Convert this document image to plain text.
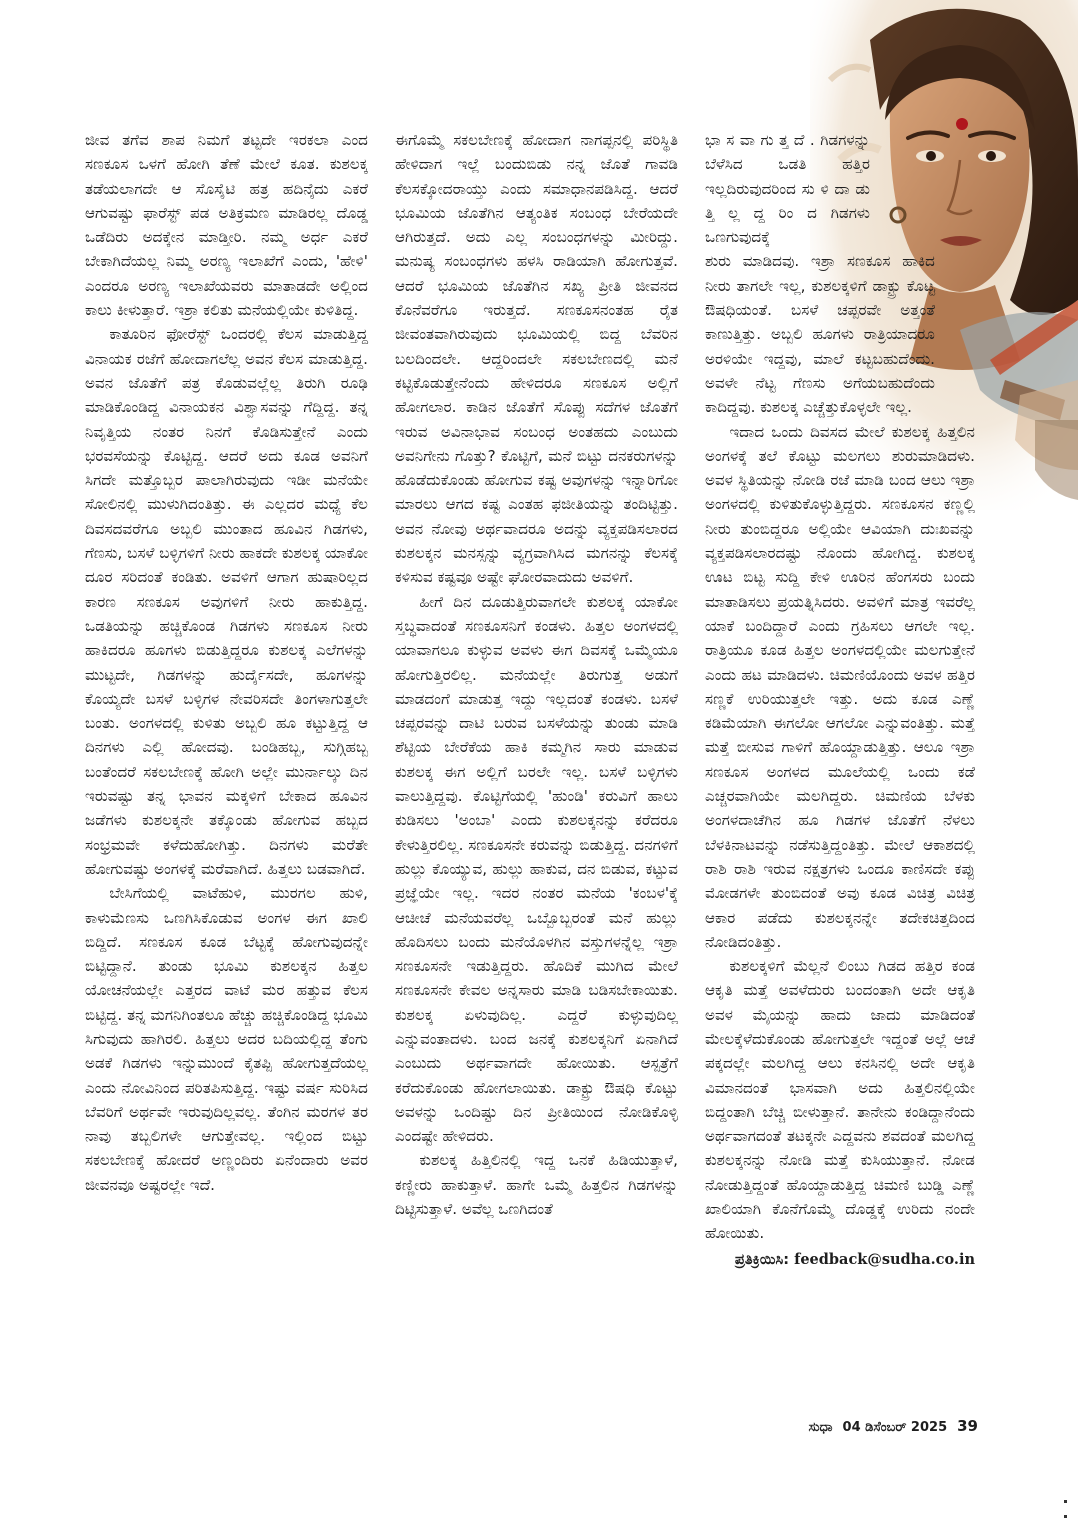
ಜೀವ ತಗೆವ ಶಾಪ ನಿಮಗೆ ತಟ್ಟದೇ ಇರಕಲಾ ಎಂದ ಸಣಕೂಸ ಒಳಗೆ ಹೋಗಿ ತೆಣೆ ಮೇಲೆ ಕೂತ. ಕುಶಲಕ್ಕ ತಡೆಯಲಾಗದೇ ಆ ಸೊಸೈಟಿ ಹತ್ರ ಹದಿನೈದು ಎಕರೆ ಆಗುವಷ್ಟು ಫಾರೆಸ್ಟ್ ಪಡ ಅತಿಕ್ರಮಣ ಮಾಡಿರಲ್ಲ ದೊಡ್ಡ ಒಡೆದಿರು ಅದಕ್ಕೇನ ಮಾಡ್ತೀರಿ. ನಮ್ಮ ಅರ್ಧ ಎಕರೆ ಬೇಕಾಗಿದೆಯಲ್ಲ ನಿಮ್ಮ ಅರಣ್ಯ ಇಲಾಖೆಗೆ ಎಂದು, 'ಹೇಳಿ' ಎಂದರೂ ಅರಣ್ಯ ಇಲಾಖೆಯವರು ಮಾತಾಡದೇ ಅಲ್ಲಿಂದ ಕಾಲು ಕೀಳುತ್ತಾರೆ. ಇಶ್ರಾ ಕಲಿತು ಮನೆಯಲ್ಲಿಯೇ ಕುಳಿತಿದ್ದ.

ಕಾತೂರಿನ ಫೋರೆಸ್ಟ್ ಒಂದರಲ್ಲಿ ಕೆಲಸ ಮಾಡುತ್ತಿದ್ದ ವಿನಾಯಕ ರಜೆಗೆ ಹೋದಾಗಲೆಲ್ಲ ಅವನ ಕೆಲಸ ಮಾಡುತ್ತಿದ್ದ. ಅವನ ಜೊತೆಗೆ ಪತ್ರ ಕೊಡುವಲ್ಲೆಲ್ಲ ತಿರುಗಿ ರೂಢಿ ಮಾಡಿಕೊಂಡಿದ್ದ ವಿನಾಯಕನ ವಿಶ್ವಾಸವನ್ನು ಗೆದ್ದಿದ್ದ. ತನ್ನ ನಿವೃತ್ತಿಯ ನಂತರ ನಿನಗೆ ಕೊಡಿಸುತ್ತೇನೆ ಎಂದು ಭರವಸೆಯನ್ನು ಕೊಟ್ಟಿದ್ದ. ಆದರೆ ಅದು ಕೂಡ ಅವನಿಗೆ ಸಿಗದೇ ಮತ್ತೊಬ್ಬರ ಪಾಲಾಗಿರುವುದು ಇಡೀ ಮನೆಯೇ ಸೋಲಿನಲ್ಲಿ ಮುಳುಗಿದಂತಿತ್ತು. ಈ ಎಲ್ಲದರ ಮಧ್ಯೆ ಕೆಲ ದಿವಸದವರೆಗೂ ಅಬ್ಬಲಿ ಮುಂತಾದ ಹೂವಿನ ಗಿಡಗಳು, ಗೆಣಸು, ಬಸಳೆ ಬಳ್ಳಿಗಳಿಗೆ ನೀರು ಹಾಕದೇ ಕುಶಲಕ್ಕ ಯಾಕೋ ದೂರ ಸರಿದಂತೆ ಕಂಡಿತು. ಅವಳಿಗೆ ಆಗಾಗ ಹುಷಾರಿಲ್ಲದ ಕಾರಣ ಸಣಕೂಸ ಅವುಗಳಿಗೆ ನೀರು ಹಾಕುತ್ತಿದ್ದ. ಒಡತಿಯನ್ನು ಹಚ್ಚಿಕೊಂಡ ಗಿಡಗಳು ಸಣಕೂಸ ನೀರು ಹಾಕಿದರೂ ಹೂಗಳು ಬಿಡುತ್ತಿದ್ದರೂ ಕುಶಲಕ್ಕ ಎಲೆಗಳನ್ನು ಮುಟ್ಟದೇ, ಗಿಡಗಳನ್ನು ಹುರ್ದೈಸದೇ, ಹೂಗಳನ್ನು ಕೊಯ್ಯದೇ ಬಸಳೆ ಬಳ್ಳಿಗಳ ನೇವರಿಸದೇ ತಿಂಗಳಾಗುತ್ತಲೇ ಬಂತು. ಅಂಗಳದಲ್ಲಿ ಕುಳಿತು ಅಬ್ಬಲಿ ಹೂ ಕಟ್ಟುತ್ತಿದ್ದ ಆ ದಿನಗಳು ಎಲ್ಲಿ ಹೋದವು. ಬಂಡಿಹಬ್ಬ, ಸುಗ್ಗಿಹಬ್ಬ ಬಂತೆಂದರೆ ಸಕಲಬೇಣಕ್ಕೆ ಹೋಗಿ ಅಲ್ಲೇ ಮುರ್ನಾಲ್ಕು ದಿನ ಇರುವಷ್ಟು ತನ್ನ ಭಾವನ ಮಕ್ಕಳಿಗೆ ಬೇಕಾದ ಹೂವಿನ ಜಡೆಗಳು ಕುಶಲಕ್ಕನೇ ತಕ್ಕೊಂಡು ಹೋಗುವ ಹಬ್ಬದ ಸಂಭ್ರಮವೇ ಕಳೆದುಹೋಗಿತ್ತು. ದಿನಗಳು ಮರೆತೇ ಹೋಗುವಷ್ಟು ಅಂಗಳಕ್ಕೆ ಮರೆವಾಗಿದೆ. ಹಿತ್ತಲು ಬಡವಾಗಿದೆ.

ಬೇಸಿಗೆಯಲ್ಲಿ ವಾಟೆಹುಳಿ, ಮುರಗಲ ಹುಳಿ, ಕಾಳುಮೆಣಸು ಒಣಗಿಸಿಕೊಡುವ ಅಂಗಳ ಈಗ ಖಾಲಿ ಬಿದ್ದಿದೆ. ಸಣಕೂಸ ಕೂಡ ಬೆಟ್ಟಕ್ಕೆ ಹೋಗುವುದನ್ನೇ ಬಿಟ್ಟಿದ್ದಾನೆ. ತುಂಡು ಭೂಮಿ ಕುಶಲಕ್ಕನ ಹಿತ್ತಲ ಯೋಚನೆಯಲ್ಲೇ ಎತ್ತರದ ವಾಟೆ ಮರ ಹತ್ತುವ ಕೆಲಸ ಬಿಟ್ಟಿದ್ದ. ತನ್ನ ಮಗನಿಗಿಂತಲೂ ಹೆಚ್ಚು ಹಚ್ಚಿಕೊಂಡಿದ್ದ ಭೂಮಿ ಸಿಗುವುದು ಹಾಗಿರಲಿ. ಹಿತ್ತಲು ಅದರ ಬದಿಯಲ್ಲಿದ್ದ ತೆಂಗು ಅಡಕೆ ಗಿಡಗಳು ಇನ್ನುಮುಂದೆ ಕೈತಪ್ಪಿ ಹೋಗುತ್ತದೆಯಲ್ಲ ಎಂದು ನೋವಿನಿಂದ ಪರಿತಪಿಸುತ್ತಿದ್ದ. ಇಷ್ಟು ವರ್ಷ ಸುರಿಸಿದ ಬೆವರಿಗೆ ಅರ್ಥವೇ ಇರುವುದಿಲ್ಲವಲ್ಲ. ತೆಂಗಿನ ಮರಗಳ ತರ ನಾವು ತಬ್ಬಲಿಗಳೇ ಆಗುತ್ತೇವಲ್ಲ. ಇಲ್ಲಿಂದ ಬಿಟ್ಟು ಸಕಲಬೇಣಕ್ಕೆ ಹೋದರೆ ಅಣ್ಣಂದಿರು ಏನೆಂದಾರು ಅವರ ಜೀವನವೂ ಅಷ್ಟರಲ್ಲೇ ಇದೆ.

ಈಗೊಮ್ಮೆ ಸಕಲಬೇಣಕ್ಕೆ ಹೋದಾಗ ನಾಗಪ್ಪನಲ್ಲಿ ಪರಿಸ್ಥಿತಿ ಹೇಳಿದಾಗ ಇಲ್ಲೆ ಬಂದುಬಿಡು ನನ್ನ ಜೊತೆ ಗಾವಡಿ ಕೆಲಸಕ್ಕೋದರಾಯ್ತು ಎಂದು ಸಮಾಧಾನಪಡಿಸಿದ್ದ. ಆದರೆ ಭೂಮಿಯ ಜೊತೆಗಿನ ಆತ್ಯಂತಿಕ ಸಂಬಂಧ ಬೇರೆಯದೇ ಆಗಿರುತ್ತದೆ. ಅದು ಎಲ್ಲ ಸಂಬಂಧಗಳನ್ನು ಮೀರಿದ್ದು. ಮನುಷ್ಯ ಸಂಬಂಧಗಳು ಹಳಸಿ ರಾಡಿಯಾಗಿ ಹೋಗುತ್ತವೆ. ಆದರೆ ಭೂಮಿಯ ಜೊತೆಗಿನ ಸಖ್ಯ ಪ್ರೀತಿ ಜೀವನದ ಕೊನೆವರೆಗೂ ಇರುತ್ತದೆ. ಸಣಕೂಸನಂತಹ ರೈತ ಜೀವಂತವಾಗಿರುವುದು ಭೂಮಿಯಲ್ಲಿ ಬಿದ್ದ ಬೆವರಿನ ಬಲದಿಂದಲೇ. ಆದ್ದರಿಂದಲೇ ಸಕಲಬೇಣದಲ್ಲಿ ಮನೆ ಕಟ್ಟಿಕೊಡುತ್ತೇನೆಂದು ಹೇಳಿದರೂ ಸಣಕೂಸ ಅಲ್ಲಿಗೆ ಹೋಗಲಾರ. ಕಾಡಿನ ಜೊತೆಗೆ ಸೊಪ್ಪು ಸದೆಗಳ ಜೊತೆಗೆ ಇರುವ ಅವಿನಾಭಾವ ಸಂಬಂಧ ಅಂತಹದು ಎಂಬುದು ಅವನಿಗೇನು ಗೊತ್ತು? ಕೊಟ್ಟಿಗೆ, ಮನೆ ಬಿಟ್ಟು ದನಕರುಗಳನ್ನು ಹೊಡೆದುಕೊಂಡು ಹೋಗುವ ಕಷ್ಟ ಅವುಗಳನ್ನು ಇನ್ನಾರಿಗೋ ಮಾರಲು ಆಗದ ಕಷ್ಟ ಎಂತಹ ಫಜೀತಿಯನ್ನು ತಂದಿಟ್ಟಿತ್ತು. ಅವನ ನೋವು ಅರ್ಥವಾದರೂ ಅದನ್ನು ವ್ಯಕ್ತಪಡಿಸಲಾರದ ಕುಶಲಕ್ಕನ ಮನಸ್ಸನ್ನು ವ್ಯಗ್ರವಾಗಿಸಿದ ಮಗನನ್ನು ಕೆಲಸಕ್ಕೆ ಕಳಿಸುವ ಕಷ್ಟವೂ ಅಷ್ಟೇ ಘೋರವಾದುದು ಅವಳಿಗೆ.

ಹೀಗೆ ದಿನ ದೂಡುತ್ತಿರುವಾಗಲೇ ಕುಶಲಕ್ಕ ಯಾಕೋ ಸ್ತಬ್ಧವಾದಂತೆ ಸಣಕೂಸನಿಗೆ ಕಂಡಳು. ಹಿತ್ತಲ ಅಂಗಳದಲ್ಲಿ ಯಾವಾಗಲೂ ಕುಳ್ಳುವ ಅವಳು ಈಗ ದಿವಸಕ್ಕೆ ಒಮ್ಮೆಯೂ ಹೋಗುತ್ತಿರಲಿಲ್ಲ. ಮನೆಯಲ್ಲೇ ತಿರುಗುತ್ತ ಅಡುಗೆ ಮಾಡದಂಗೆ ಮಾಡುತ್ತ ಇದ್ದು ಇಲ್ಲದಂತೆ ಕಂಡಳು. ಬಸಳೆ ಚಪ್ಪರವನ್ನು ದಾಟಿ ಬರುವ ಬಸಳೆಯನ್ನು ತುಂಡು ಮಾಡಿ ಶೆಟ್ಟಿಯ ಬೇರೆಕೆಯ ಹಾಕಿ ಕಮ್ಮಗಿನ ಸಾರು ಮಾಡುವ ಕುಶಲಕ್ಕ ಈಗ ಅಲ್ಲಿಗೆ ಬರಲೇ ಇಲ್ಲ. ಬಸಳೆ ಬಳ್ಳಿಗಳು ವಾಲುತ್ತಿದ್ದವು. ಕೊಟ್ಟಿಗೆಯಲ್ಲಿ 'ಹುಂಡಿ' ಕರುವಿಗೆ ಹಾಲು ಕುಡಿಸಲು 'ಅಂಬಾ' ಎಂದು ಕುಶಲಕ್ಕನನ್ನು ಕರೆದರೂ ಕೇಳುತ್ತಿರಲಿಲ್ಲ. ಸಣಕೂಸನೇ ಕರುವನ್ನು ಬಿಡುತ್ತಿದ್ದ. ದನಗಳಿಗೆ ಹುಲ್ಲು ಕೊಯ್ಯುವ, ಹುಲ್ಲು ಹಾಕುವ, ದನ ಬಿಡುವ, ಕಟ್ಟುವ ಪ್ರಜ್ಞೆಯೇ ಇಲ್ಲ. ಇದರ ನಂತರ ಮನೆಯ 'ಕಂಬಳ'ಕ್ಕೆ ಆಚೀಚೆ ಮನೆಯವರೆಲ್ಲ ಒಬ್ಬೊಬ್ಬರಂತೆ ಮನೆ ಹುಲ್ಲು ಹೊದಿಸಲು ಬಂದು ಮನೆಯೊಳಗಿನ ವಸ್ತುಗಳನ್ನೆಲ್ಲ ಇಶ್ರಾ ಸಣಕೂಸನೇ ಇಡುತ್ತಿದ್ದರು. ಹೊದಿಕೆ ಮುಗಿದ ಮೇಲೆ ಸಣಕೂಸನೇ ಕೇವಲ ಅನ್ನಸಾರು ಮಾಡಿ ಬಡಿಸಬೇಕಾಯಿತು. ಕುಶಲಕ್ಕ ಏಳುವುದಿಲ್ಲ. ಎದ್ದರೆ ಕುಳ್ಳುವುದಿಲ್ಲ ಎನ್ನುವಂತಾದಳು. ಬಂದ ಜನಕ್ಕೆ ಕುಶಲಕ್ಕನಿಗೆ ಏನಾಗಿದೆ ಎಂಬುದು ಅರ್ಥವಾಗದೇ ಹೋಯಿತು. ಆಸ್ಪತ್ರೆಗೆ ಕರೆದುಕೊಂಡು ಹೋಗಲಾಯಿತು. ಡಾಕ್ಟ್ರು ಔಷಧಿ ಕೊಟ್ಟು ಅವಳನ್ನು ಒಂದಿಷ್ಟು ದಿನ ಪ್ರೀತಿಯಿಂದ ನೋಡಿಕೊಳ್ಳಿ ಎಂದಷ್ಟೇ ಹೇಳಿದರು.

ಕುಶಲಕ್ಕ ಹಿತ್ತಿಲಿನಲ್ಲಿ ಇದ್ದ ಒನಕೆ ಹಿಡಿಯುತ್ತಾಳೆ, ಕಣ್ಣೀರು ಹಾಕುತ್ತಾಳೆ. ಹಾಗೇ ಒಮ್ಮೆ ಹಿತ್ತಲಿನ ಗಿಡಗಳನ್ನು ದಿಟ್ಟಿಸುತ್ತಾಳೆ. ಅವೆಲ್ಲ ಒಣಗಿದಂತೆ

ಭಾ ಸ ವಾ ಗು ತ್ತ ದೆ . ಗಿಡಗಳನ್ನು ಬೆಳೆಸಿದ ಒಡತಿ ಹತ್ತಿರ ಇಲ್ಲದಿರುವುದರಿಂದ ಸು ಳಿ ದಾ ಡು ತ್ತಿ ಲ್ಲ ದ್ದ ರಿಂ ದ ಗಿಡಗಳು ಒಣಗುವುದಕ್ಕೆ

ಶುರು ಮಾಡಿದವು. ಇಶ್ರಾ ಸಣಕೂಸ ಹಾಕಿದ ನೀರು ತಾಗಲೇ ಇಲ್ಲ, ಕುಶಲಕ್ಕಳಿಗೆ ಡಾಕ್ಟ್ರು ಕೊಟ್ಟ ಔಷಧಿಯಂತೆ. ಬಸಳೆ ಚಪ್ಪರವೇ ಅತ್ತಂತೆ ಕಾಣುತ್ತಿತ್ತು. ಅಬ್ಬಲಿ ಹೂಗಳು ರಾತ್ರಿಯಾದರೂ ಅರಳಿಯೇ ಇದ್ದವು, ಮಾಲೆ ಕಟ್ಟಬಹುದೆಂದು. ಅವಳೇ ನೆಟ್ಟ ಗೆಣಸು ಅಗೆಯಬಹುದೆಂದು ಕಾದಿದ್ದವು. ಕುಶಲಕ್ಕ ಎಚ್ಚೆತ್ತುಕೊಳ್ಳಲೇ ಇಲ್ಲ.

ಇದಾದ ಒಂದು ದಿವಸದ ಮೇಲೆ ಕುಶಲಕ್ಕ ಹಿತ್ತಲಿನ ಅಂಗಳಕ್ಕೆ ತಲೆ ಕೊಟ್ಟು ಮಲಗಲು ಶುರುಮಾಡಿದಳು. ಅವಳ ಸ್ಥಿತಿಯನ್ನು ನೋಡಿ ರಜೆ ಮಾಡಿ ಬಂದ ಆಲು ಇಶ್ರಾ ಅಂಗಳದಲ್ಲಿ ಕುಳಿತುಕೊಳ್ಳುತ್ತಿದ್ದರು. ಸಣಕೂಸನ ಕಣ್ಣಲ್ಲಿ ನೀರು ತುಂಬಿದ್ದರೂ ಅಲ್ಲಿಯೇ ಆವಿಯಾಗಿ ದುಃಖವನ್ನು ವ್ಯಕ್ತಪಡಿಸಲಾರದಷ್ಟು ನೊಂದು ಹೋಗಿದ್ದ. ಕುಶಲಕ್ಕ ಊಟ ಬಿಟ್ಟ ಸುದ್ದಿ ಕೇಳಿ ಊರಿನ ಹೆಂಗಸರು ಬಂದು ಮಾತಾಡಿಸಲು ಪ್ರಯತ್ನಿಸಿದರು. ಅವಳಿಗೆ ಮಾತ್ರ ಇವರೆಲ್ಲ ಯಾಕೆ ಬಂದಿದ್ದಾರೆ ಎಂದು ಗ್ರಹಿಸಲು ಆಗಲೇ ಇಲ್ಲ. ರಾತ್ರಿಯೂ ಕೂಡ ಹಿತ್ತಲ ಅಂಗಳದಲ್ಲಿಯೇ ಮಲಗುತ್ತೇನೆ ಎಂದು ಹಟ ಮಾಡಿದಳು. ಚಿಮಣಿಯೊಂದು ಅವಳ ಹತ್ತಿರ ಸಣ್ಣಕೆ ಉರಿಯುತ್ತಲೇ ಇತ್ತು. ಅದು ಕೂಡ ಎಣ್ಣೆ ಕಡಿಮೆಯಾಗಿ ಈಗಲೋ ಆಗಲೋ ಎನ್ನುವಂತಿತ್ತು. ಮತ್ತೆ ಮತ್ತೆ ಬೀಸುವ ಗಾಳಿಗೆ ಹೊಯ್ದಾಡುತ್ತಿತ್ತು. ಆಲೂ ಇಶ್ರಾ ಸಣಕೂಸ ಅಂಗಳದ ಮೂಲೆಯಲ್ಲಿ ಒಂದು ಕಡೆ ಎಚ್ಚರವಾಗಿಯೇ ಮಲಗಿದ್ದರು. ಚಿಮಣಿಯ ಬೆಳಕು ಅಂಗಳದಾಚೆಗಿನ ಹೂ ಗಿಡಗಳ ಜೊತೆಗೆ ನೆಳಲು ಬೆಳಕಿನಾಟವನ್ನು ನಡೆಸುತ್ತಿದ್ದಂತಿತ್ತು. ಮೇಲೆ ಆಕಾಶದಲ್ಲಿ ರಾಶಿ ರಾಶಿ ಇರುವ ನಕ್ಷತ್ರಗಳು ಒಂದೂ ಕಾಣಿಸದೇ ಕಪ್ಪು ಮೋಡಗಳೇ ತುಂಬಿದಂತೆ ಅವು ಕೂಡ ವಿಚಿತ್ರ ವಿಚಿತ್ರ ಆಕಾರ ಪಡೆದು ಕುಶಲಕ್ಕನನ್ನೇ ತದೇಕಚಿತ್ತದಿಂದ ನೋಡಿದಂತಿತ್ತು.

ಕುಶಲಕ್ಕಳಿಗೆ ಮೆಲ್ಲನೆ ಲಿಂಬು ಗಿಡದ ಹತ್ತಿರ ಕಂಡ ಆಕೃತಿ ಮತ್ತೆ ಅವಳೆದುರು ಬಂದಂತಾಗಿ ಅದೇ ಆಕೃತಿ ಅವಳ ಮೈಯನ್ನು ಹಾದು ಜಾದು ಮಾಡಿದಂತೆ ಮೇಲಕ್ಕೆಳೆದುಕೊಂಡು ಹೋಗುತ್ತಲೇ ಇದ್ದಂತೆ ಅಲ್ಲೆ ಆಚೆ ಪಕ್ಕದಲ್ಲೇ ಮಲಗಿದ್ದ ಆಲು ಕನಸಿನಲ್ಲಿ ಅದೇ ಆಕೃತಿ ವಿಮಾನದಂತೆ ಭಾಸವಾಗಿ ಅದು ಹಿತ್ತಲಿನಲ್ಲಿಯೇ ಬಿದ್ದಂತಾಗಿ ಬೆಚ್ಚಿ ಬೀಳುತ್ತಾನೆ. ತಾನೇನು ಕಂಡಿದ್ದಾನೆಂದು ಅರ್ಥವಾಗದಂತೆ ತಟಕ್ಕನೇ ಎದ್ದವನು ಶವದಂತೆ ಮಲಗಿದ್ದ ಕುಶಲಕ್ಕನನ್ನು ನೋಡಿ ಮತ್ತೆ ಕುಸಿಯುತ್ತಾನೆ. ನೋಡ ನೋಡುತ್ತಿದ್ದಂತೆ ಹೊಯ್ದಾಡುತ್ತಿದ್ದ ಚಿಮಣಿ ಬುಡ್ಡಿ ಎಣ್ಣೆ ಖಾಲಿಯಾಗಿ ಕೊನೆಗೊಮ್ಮೆ ದೊಡ್ಡಕ್ಕೆ ಉರಿದು ನಂದೇ ಹೋಯಿತು.

ಪ್ರತಿಕ್ರಿಯಿಸಿ: feedback@sudha.co.in
ಸುಧಾ 04 ಡಿಸೆಂಬರ್ 2025 39
